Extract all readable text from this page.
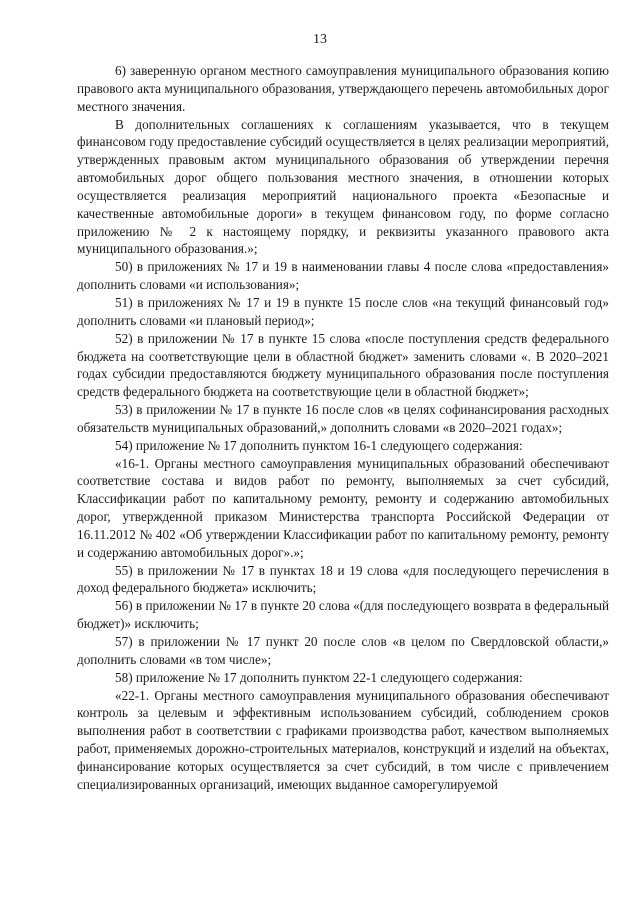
13

6) заверенную органом местного самоуправления муниципального образования копию правового акта муниципального образования, утверждающего перечень автомобильных дорог местного значения.

В дополнительных соглашениях к соглашениям указывается, что в текущем финансовом году предоставление субсидий осуществляется в целях реализации мероприятий, утвержденных правовым актом муниципального образования об утверждении перечня автомобильных дорог общего пользования местного значения, в отношении которых осуществляется реализация мероприятий национального проекта «Безопасные и качественные автомобильные дороги» в текущем финансовом году, по форме согласно приложению № 2 к настоящему порядку, и реквизиты указанного правового акта муниципального образования.»;

50) в приложениях № 17 и 19 в наименовании главы 4 после слова «предоставления» дополнить словами «и использования»;

51) в приложениях № 17 и 19 в пункте 15 после слов «на текущий финансовый год» дополнить словами «и плановый период»;

52) в приложении № 17 в пункте 15 слова «после поступления средств федерального бюджета на соответствующие цели в областной бюджет» заменить словами «. В 2020–2021 годах субсидии предоставляются бюджету муниципального образования после поступления средств федерального бюджета на соответствующие цели в областной бюджет»;

53) в приложении № 17 в пункте 16 после слов «в целях софинансирования расходных обязательств муниципальных образований,» дополнить словами «в 2020–2021 годах»;

54) приложение № 17 дополнить пунктом 16-1 следующего содержания:

«16-1. Органы местного самоуправления муниципальных образований обеспечивают соответствие состава и видов работ по ремонту, выполняемых за счет субсидий, Классификации работ по капитальному ремонту, ремонту и содержанию автомобильных дорог, утвержденной приказом Министерства транспорта Российской Федерации от 16.11.2012 № 402 «Об утверждении Классификации работ по капитальному ремонту, ремонту и содержанию автомобильных дорог».»;

55) в приложении № 17 в пунктах 18 и 19 слова «для последующего перечисления в доход федерального бюджета» исключить;

56) в приложении № 17 в пункте 20 слова «(для последующего возврата в федеральный бюджет)» исключить;

57) в приложении № 17 пункт 20 после слов «в целом по Свердловской области,» дополнить словами «в том числе»;

58) приложение № 17 дополнить пунктом 22-1 следующего содержания:

«22-1. Органы местного самоуправления муниципального образования обеспечивают контроль за целевым и эффективным использованием субсидий, соблюдением сроков выполнения работ в соответствии с графиками производства работ, качеством выполняемых работ, применяемых дорожно-строительных материалов, конструкций и изделий на объектах, финансирование которых осуществляется за счет субсидий, в том числе с привлечением специализированных организаций, имеющих выданное саморегулируемой
